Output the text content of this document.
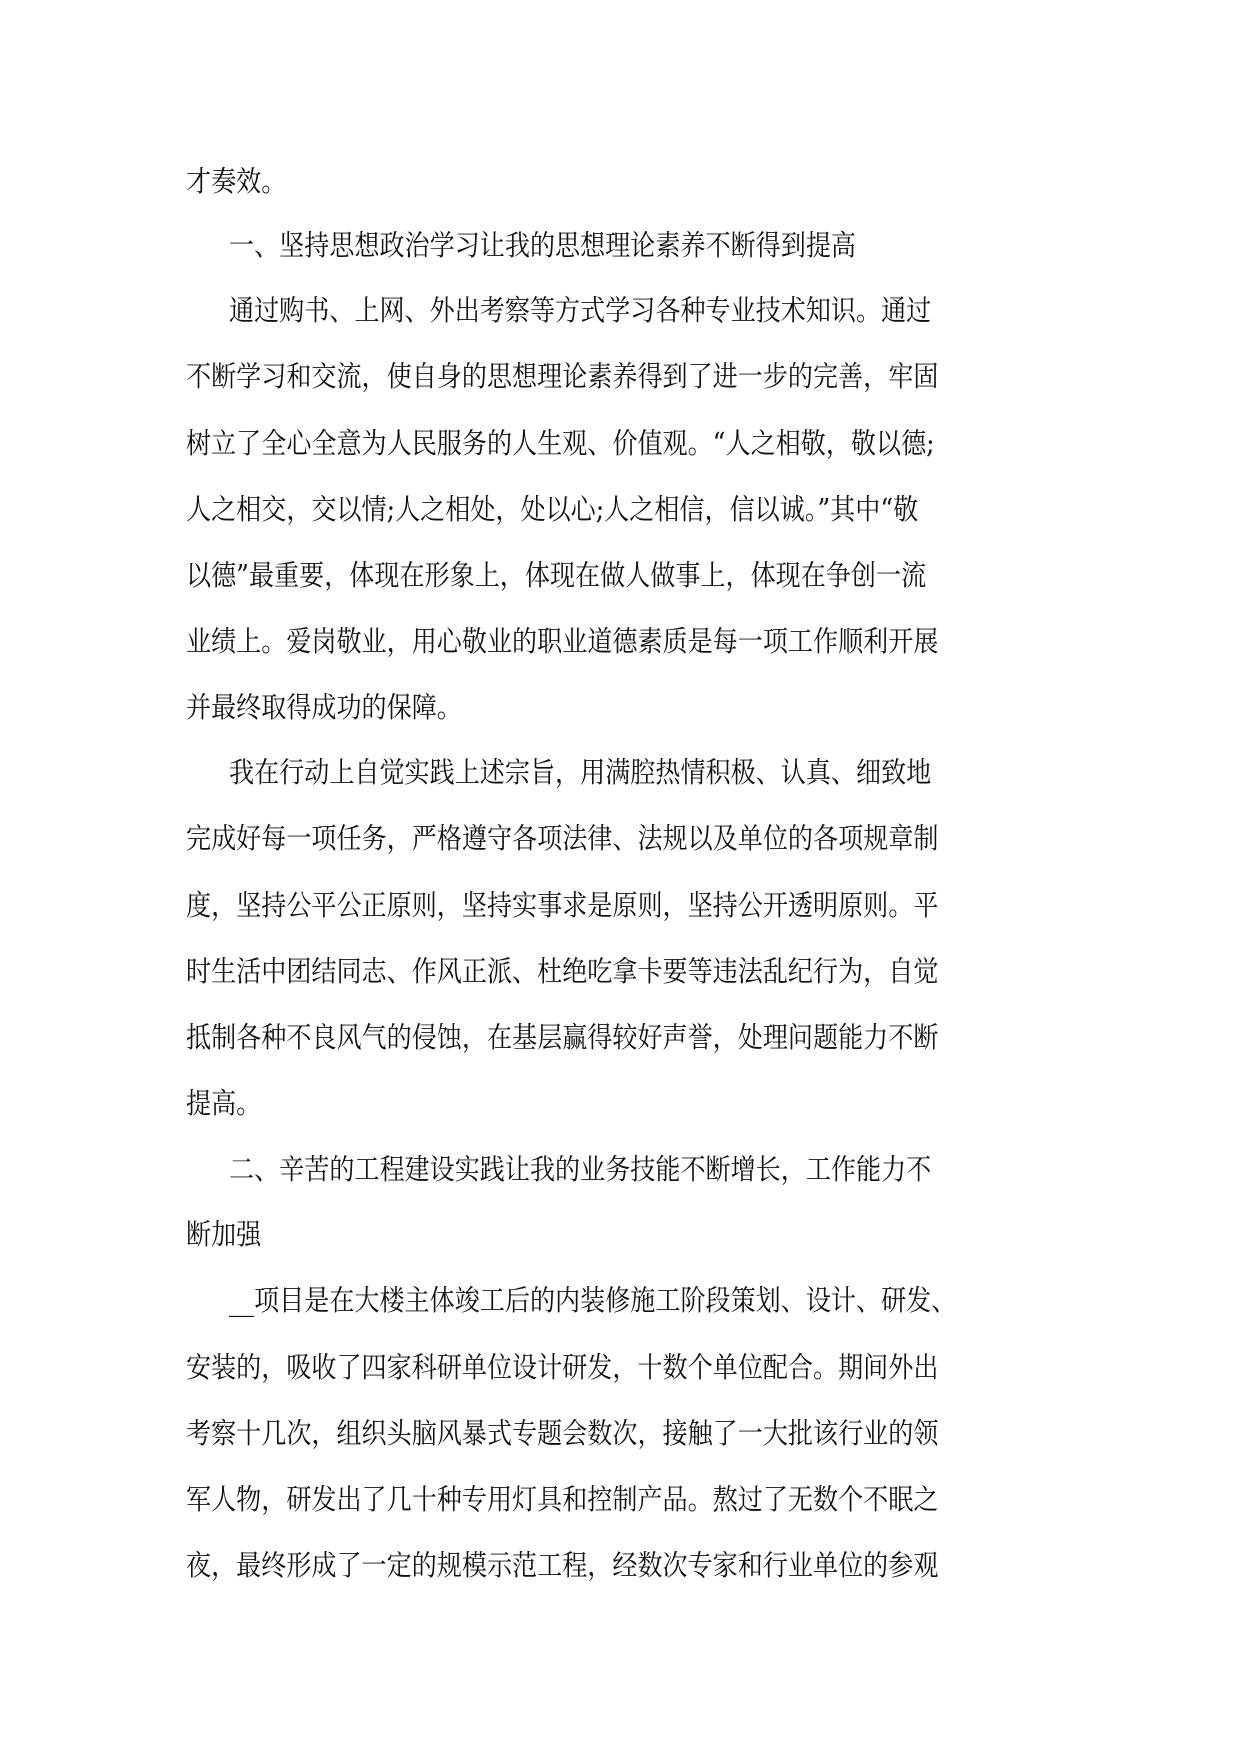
才奏效。
一、坚持思想政治学习让我的思想理论素养不断得到提高
通过购书、上网、外出考察等方式学习各种专业技术知识。通过
不断学习和交流，使自身的思想理论素养得到了进一步的完善，牢固
树立了全心全意为人民服务的人生观、价值观。“人之相敬，敬以德;
人之相交，交以情;人之相处，处以心;人之相信，信以诚。”其中“敬
以德”最重要，体现在形象上，体现在做人做事上，体现在争创一流
业绩上。爱岗敬业，用心敬业的职业道德素质是每一项工作顺利开展
并最终取得成功的保障。
我在行动上自觉实践上述宗旨，用满腔热情积极、认真、细致地
完成好每一项任务，严格遵守各项法律、法规以及单位的各项规章制
度，坚持公平公正原则，坚持实事求是原则，坚持公开透明原则。平
时生活中团结同志、作风正派、杜绝吃拿卡要等违法乱纪行为，自觉
抵制各种不良风气的侵蚀，在基层赢得较好声誉，处理问题能力不断
提高。
二、辛苦的工程建设实践让我的业务技能不断增长，工作能力不
断加强
__项目是在大楼主体竣工后的内装修施工阶段策划、设计、研发、
安装的，吸收了四家科研单位设计研发，十数个单位配合。期间外出
考察十几次，组织头脑风暴式专题会数次，接触了一大批该行业的领
军人物，研发出了几十种专用灯具和控制产品。熬过了无数个不眠之
夜，最终形成了一定的规模示范工程，经数次专家和行业单位的参观
